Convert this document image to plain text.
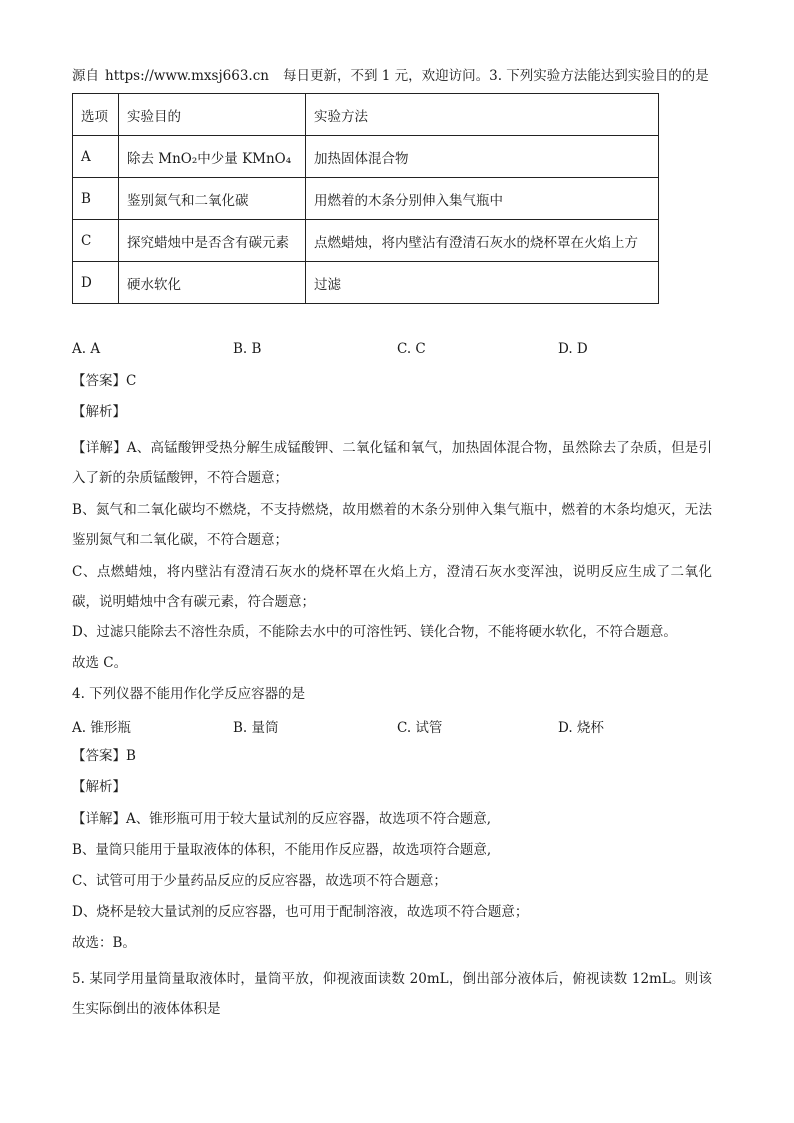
源自 https://www.mxsj663.cn 每日更新，不到 1 元，欢迎访问。3. 下列实验方法能达到实验目的的是
选项	实验目的	实验方法
A	除去 MnO₂中少量 KMnO₄	加热固体混合物
B	鉴别氮气和二氧化碳	用燃着的木条分别伸入集气瓶中
C	探究蜡烛中是否含有碳元素	点燃蜡烛，将内壁沾有澄清石灰水的烧杯罩在火焰上方
D	硬水软化	过滤
A. A	B. B	C. C	D. D
【答案】C
【解析】
【详解】A、高锰酸钾受热分解生成锰酸钾、二氧化锰和氧气，加热固体混合物，虽然除去了杂质，但是引入了新的杂质锰酸钾，不符合题意；
B、氮气和二氧化碳均不燃烧，不支持燃烧，故用燃着的木条分别伸入集气瓶中，燃着的木条均熄灭，无法鉴别氮气和二氧化碳，不符合题意；
C、点燃蜡烛，将内壁沾有澄清石灰水的烧杯罩在火焰上方，澄清石灰水变浑浊，说明反应生成了二氧化碳，说明蜡烛中含有碳元素，符合题意；
D、过滤只能除去不溶性杂质，不能除去水中的可溶性钙、镁化合物，不能将硬水软化，不符合题意。
故选 C。
4. 下列仪器不能用作化学反应容器的是
A. 锥形瓶	B. 量筒	C. 试管	D. 烧杯
【答案】B
【解析】
【详解】A、锥形瓶可用于较大量试剂的反应容器，故选项不符合题意,
B、量筒只能用于量取液体的体积，不能用作反应器，故选项符合题意,
C、试管可用于少量药品反应的反应容器，故选项不符合题意；
D、烧杯是较大量试剂的反应容器，也可用于配制溶液，故选项不符合题意；
故选：B。
5. 某同学用量筒量取液体时，量筒平放，仰视液面读数 20mL，倒出部分液体后，俯视读数 12mL。则该生实际倒出的液体体积是
